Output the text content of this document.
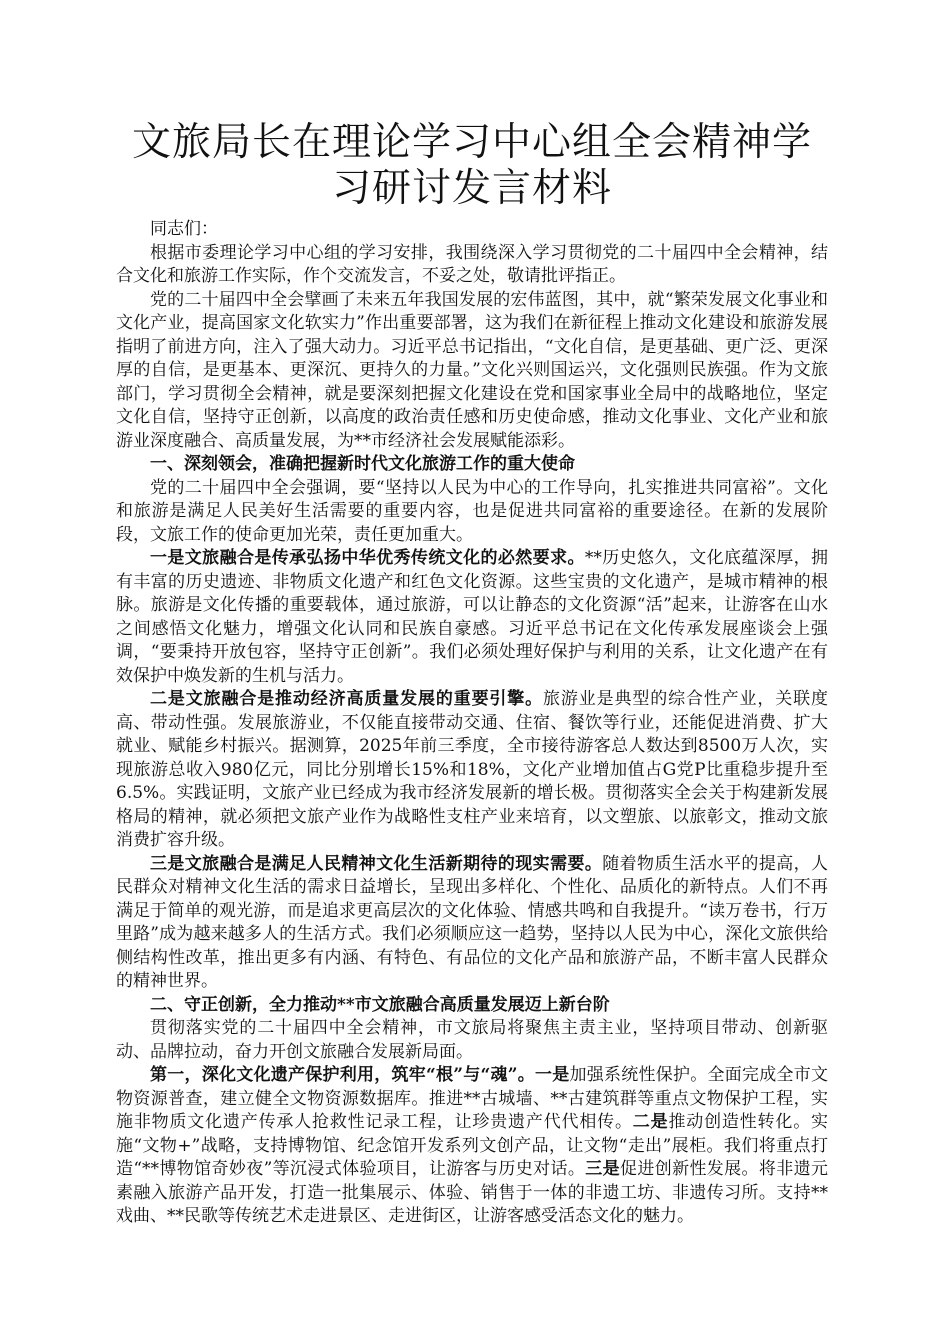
文旅局长在理论学习中心组全会精神学习研讨发言材料

同志们：

根据市委理论学习中心组的学习安排，我围绕深入学习贯彻党的二十届四中全会精神，结合文化和旅游工作实际，作个交流发言，不妥之处，敬请批评指正。

党的二十届四中全会擘画了未来五年我国发展的宏伟蓝图，其中，就“繁荣发展文化事业和文化产业，提高国家文化软实力”作出重要部署，这为我们在新征程上推动文化建设和旅游发展指明了前进方向，注入了强大动力。习近平总书记指出，“文化自信，是更基础、更广泛、更深厚的自信，是更基本、更深沉、更持久的力量。”文化兴则国运兴，文化强则民族强。作为文旅部门，学习贯彻全会精神，就是要深刻把握文化建设在党和国家事业全局中的战略地位，坚定文化自信，坚持守正创新，以高度的政治责任感和历史使命感，推动文化事业、文化产业和旅游业深度融合、高质量发展，为**市经济社会发展赋能添彩。

一、深刻领会，准确把握新时代文化旅游工作的重大使命

党的二十届四中全会强调，要“坚持以人民为中心的工作导向，扎实推进共同富裕”。文化和旅游是满足人民美好生活需要的重要内容，也是促进共同富裕的重要途径。在新的发展阶段，文旅工作的使命更加光荣，责任更加重大。

一是文旅融合是传承弘扬中华优秀传统文化的必然要求。**历史悠久，文化底蕴深厚，拥有丰富的历史遗迹、非物质文化遗产和红色文化资源。这些宝贵的文化遗产，是城市精神的根脉。旅游是文化传播的重要载体，通过旅游，可以让静态的文化资源“活”起来，让游客在山水之间感悟文化魅力，增强文化认同和民族自豪感。习近平总书记在文化传承发展座谈会上强调，“要秉持开放包容，坚持守正创新”。我们必须处理好保护与利用的关系，让文化遗产在有效保护中焕发新的生机与活力。

二是文旅融合是推动经济高质量发展的重要引擎。旅游业是典型的综合性产业，关联度高、带动性强。发展旅游业，不仅能直接带动交通、住宿、餐饮等行业，还能促进消费、扩大就业、赋能乡村振兴。据测算，2025年前三季度，全市接待游客总人数达到8500万人次，实现旅游总收入980亿元，同比分别增长15%和18%，文化产业增加值占G党P比重稳步提升至6.5%。实践证明，文旅产业已经成为我市经济发展新的增长极。贯彻落实全会关于构建新发展格局的精神，就必须把文旅产业作为战略性支柱产业来培育，以文塑旅、以旅彰文，推动文旅消费扩容升级。

三是文旅融合是满足人民精神文化生活新期待的现实需要。随着物质生活水平的提高，人民群众对精神文化生活的需求日益增长，呈现出多样化、个性化、品质化的新特点。人们不再满足于简单的观光游，而是追求更高层次的文化体验、情感共鸣和自我提升。“读万卷书，行万里路”成为越来越多人的生活方式。我们必须顺应这一趋势，坚持以人民为中心，深化文旅供给侧结构性改革，推出更多有内涵、有特色、有品位的文化产品和旅游产品，不断丰富人民群众的精神世界。

二、守正创新，全力推动**市文旅融合高质量发展迈上新台阶

贯彻落实党的二十届四中全会精神，市文旅局将聚焦主责主业，坚持项目带动、创新驱动、品牌拉动，奋力开创文旅融合发展新局面。

第一，深化文化遗产保护利用，筑牢“根”与“魂”。一是加强系统性保护。全面完成全市文物资源普查，建立健全文物资源数据库。推进**古城墙、**古建筑群等重点文物保护工程，实施非物质文化遗产传承人抢救性记录工程，让珍贵遗产代代相传。二是推动创造性转化。实施“文物+”战略，支持博物馆、纪念馆开发系列文创产品，让文物“走出”展柜。我们将重点打造“**博物馆奇妙夜”等沉浸式体验项目，让游客与历史对话。三是促进创新性发展。将非遗元素融入旅游产品开发，打造一批集展示、体验、销售于一体的非遗工坊、非遗传习所。支持**戏曲、**民歌等传统艺术走进景区、走进街区，让游客感受活态文化的魅力。
